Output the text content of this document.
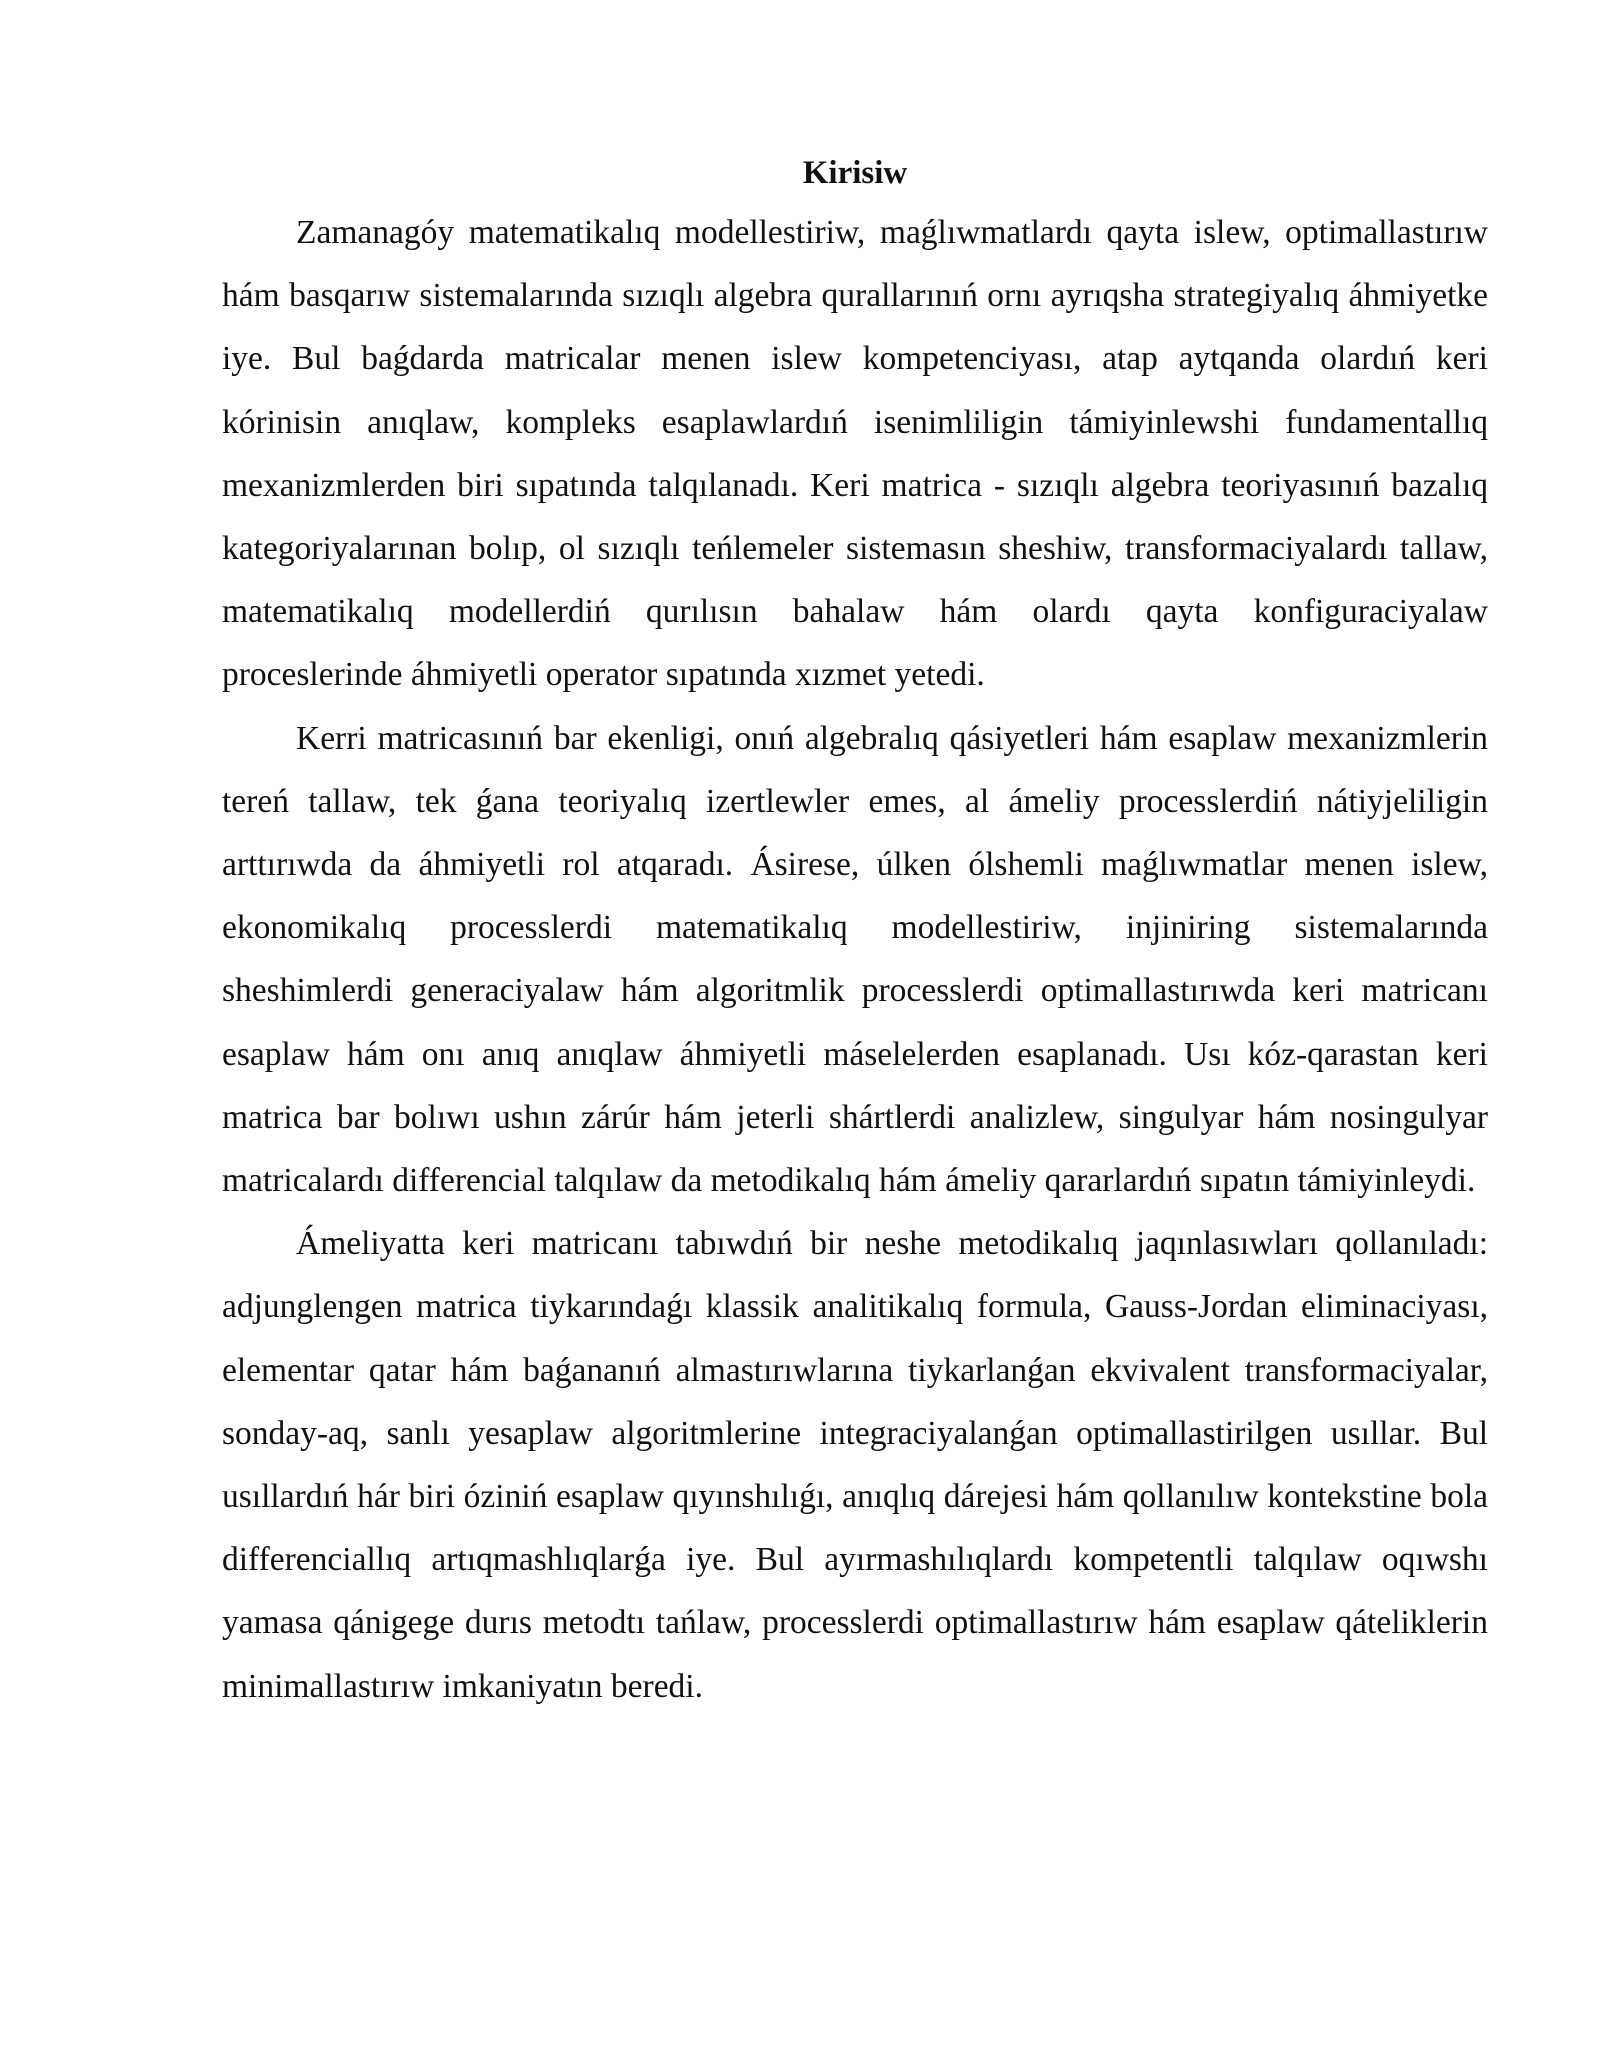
Kirisiw

Zamanagóy matematikalıq modellestiriw, maǵlıwmatlardı qayta islew, optimallastırıw hám basqarıw sistemalarında sızıqlı algebra qurallarınıń ornı ayrıqsha strategiyalıq áhmiyetke iye. Bul baǵdarda matricalar menen islew kompetenciyası, atap aytqanda olardıń keri kórinisin anıqlaw, kompleks esaplawlardıń isenimliligin támiyinlewshi fundamentallıq mexanizmlerden biri sıpatında talqılanadı. Keri matrica - sızıqlı algebra teoriyasınıń bazalıq kategoriyalarınan bolıp, ol sızıqlı teńlemeler sistemasın sheshiw, transformaciyalardı tallaw, matematikalıq modellerdiń qurılısın bahalaw hám olardı qayta konfiguraciyalaw proceslerinde áhmiyetli operator sıpatında xızmet yetedi.

Kerri matricasınıń bar ekenligi, onıń algebralıq qásiyetleri hám esaplaw mexanizmlerin tereń tallaw, tek ǵana teoriyalıq izertlewler emes, al ámeliy processlerdiń nátiyjeliligin arttırıwda da áhmiyetli rol atqaradı. Ásirese, úlken ólshemli maǵlıwmatlar menen islew, ekonomikalıq processlerdi matematikalıq modellestiriw, injiniring sistemalarında sheshimlerdi generaciyalaw hám algoritmlik processlerdi optimallastırıwda keri matricanı esaplaw hám onı anıq anıqlaw áhmiyetli máselelerden esaplanadı. Usı kóz-qarastan keri matrica bar bolıwı ushın zárúr hám jeterli shártlerdi analizlew, singulyar hám nosingulyar matricalardı differencial talqılaw da metodikalıq hám ámeliy qararlardıń sıpatın támiyinleydi.

Ámeliyatta keri matricanı tabıwdıń bir neshe metodikalıq jaqınlasıwları qollanıladı: adjunglengen matrica tiykarındaǵı klassik analitikalıq formula, Gauss-Jordan eliminaciyası, elementar qatar hám baǵananıń almastırıwlarına tiykarlanǵan ekvivalent transformaciyalar, sonday-aq, sanlı yesaplaw algoritmlerine integraciyalanǵan optimallastirilgen usıllar. Bul usıllardıń hár biri óziniń esaplaw qıyınshılıǵı, anıqlıq dárejesi hám qollanılıw kontekstine bola differenciallıq artıqmashlıqlarǵa iye. Bul ayırmashılıqlardı kompetentli talqılaw oqıwshı yamasa qánigege durıs metodtı tańlaw, processlerdi optimallastırıw hám esaplaw qáteliklerin minimallastırıw imkaniyatın beredi.
